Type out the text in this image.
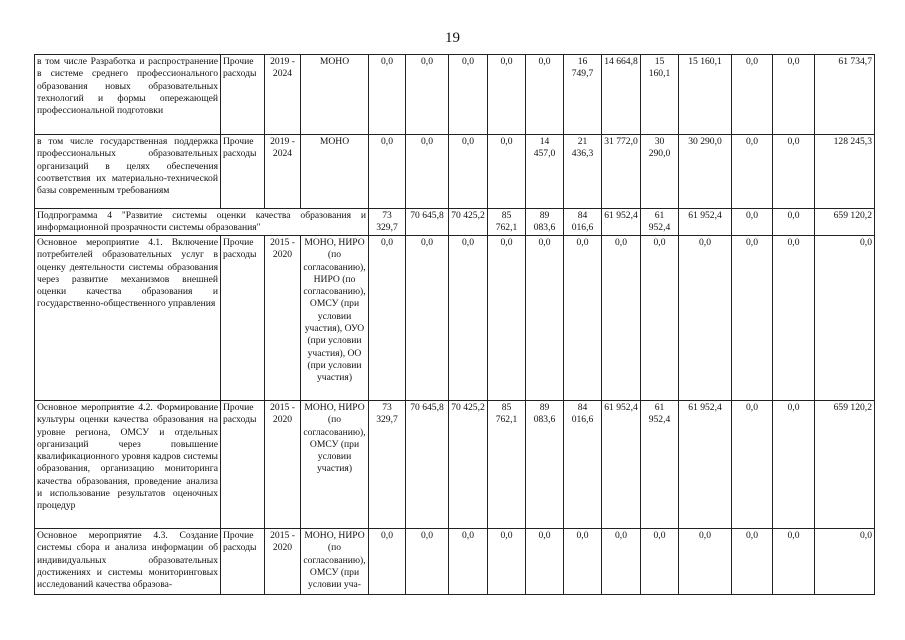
19
в том числе Разработка и распространение в системе среднего профессионального образования новых образовательных технологий и формы опережающей профессиональной подготовки	Прочие расходы	2019 - 2024	МОНО	0,0	0,0	0,0	0,0	0,0	16 749,7	14 664,8	15 160,1	15 160,1	0,0	0,0	61 734,7
в том числе государственная поддержка профессиональных образовательных организаций в целях обеспечения соответствия их материально-технической базы современным требованиям	Прочие расходы	2019 - 2024	МОНО	0,0	0,0	0,0	0,0	14 457,0	21 436,3	31 772,0	30 290,0	30 290,0	0,0	0,0	128 245,3
Подпрограмма 4 "Развитие системы оценки качества образования и информационной прозрачности системы образования"				73 329,7	70 645,8	70 425,2	85 762,1	89 083,6	84 016,6	61 952,4	61 952,4	61 952,4	0,0	0,0	659 120,2
Основное мероприятие 4.1. Включение потребителей образовательных услуг в оценку деятельности системы образования через развитие механизмов внешней оценки качества образования и государственно-общественного управления	Прочие расходы	2015 - 2020	МОНО, НИРО (по согласованию), НИРО (по согласованию), ОМСУ (при условии участия), ОУО (при условии участия), ОО (при условии участия)	0,0	0,0	0,0	0,0	0,0	0,0	0,0	0,0	0,0	0,0	0,0	0,0
Основное мероприятие 4.2. Формирование культуры оценки качества образования на уровне региона, ОМСУ и отдельных организаций через повышение квалификационного уровня кадров системы образования, организацию мониторинга качества образования, проведение анализа и использование результатов оценочных процедур	Прочие расходы	2015 - 2020	МОНО, НИРО (по согласованию), ОМСУ (при условии участия)	73 329,7	70 645,8	70 425,2	85 762,1	89 083,6	84 016,6	61 952,4	61 952,4	61 952,4	0,0	0,0	659 120,2
Основное мероприятие 4.3. Создание системы сбора и анализа информации об индивидуальных образовательных достижениях и системы мониторинговых исследований качества образова-	Прочие расходы	2015 - 2020	МОНО, НИРО (по согласованию), ОМСУ (при условии уча-	0,0	0,0	0,0	0,0	0,0	0,0	0,0	0,0	0,0	0,0	0,0	0,0
